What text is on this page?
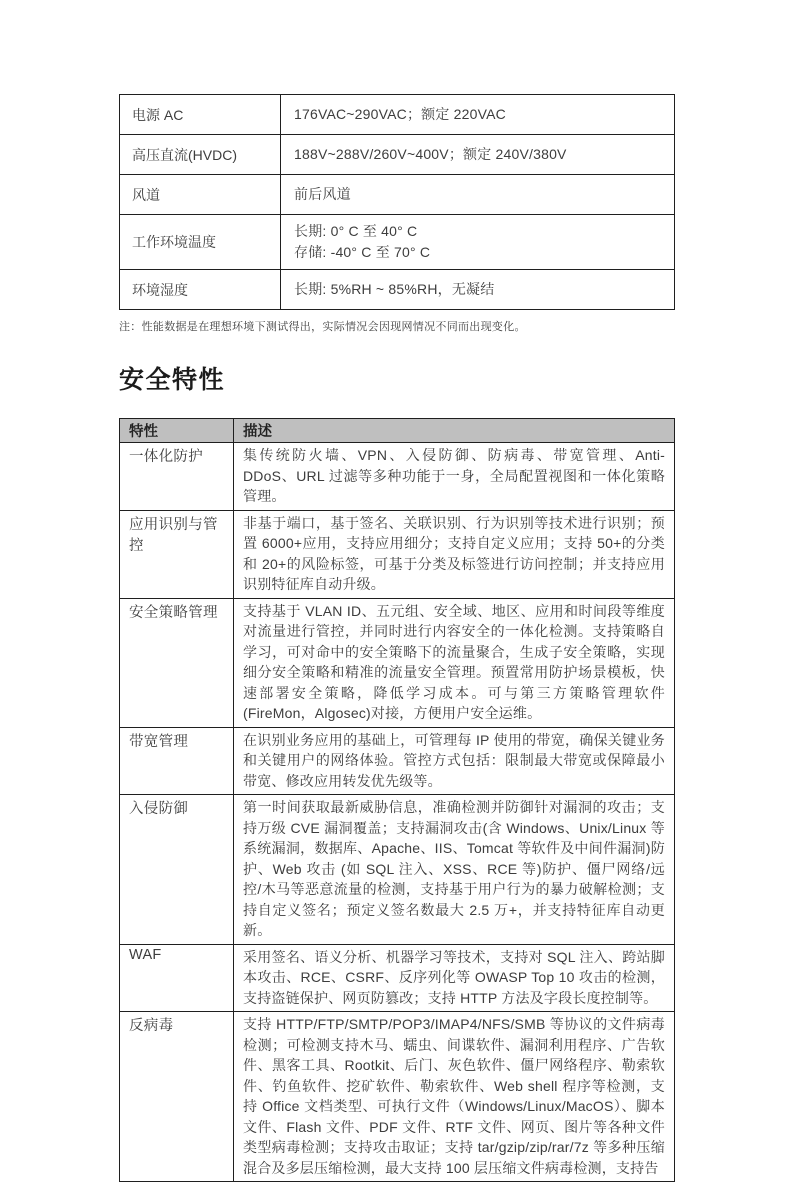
电源 AC	176VAC~290VAC；额定 220VAC
高压直流(HVDC)	188V~288V/260V~400V；额定 240V/380V
风道	前后风道
工作环境温度	长期: 0° C 至 40° C
存储: -40° C 至 70° C

环境湿度	长期: 5%RH ~ 85%RH，无凝结

注：性能数据是在理想环境下测试得出，实际情况会因现网情况不同而出现变化。

安全特性
特性	描述
一体化防护	集传统防火墙、VPN、入侵防御、防病毒、带宽管理、Anti-DDoS、URL 过滤等多种功能于一身，全局配置视图和一体化策略管理。
应用识别与管控	非基于端口，基于签名、关联识别、行为识别等技术进行识别；预置 6000+应用，支持应用细分；支持自定义应用；支持 50+的分类和 20+的风险标签，可基于分类及标签进行访问控制；并支持应用识别特征库自动升级。
安全策略管理	支持基于 VLAN ID、五元组、安全域、地区、应用和时间段等维度对流量进行管控，并同时进行内容安全的一体化检测。支持策略自学习，可对命中的安全策略下的流量聚合，生成子安全策略，实现细分安全策略和精准的流量安全管理。预置常用防护场景模板，快速部署安全策略，降低学习成本。可与第三方策略管理软件(FireMon，Algosec)对接，方便用户安全运维。
带宽管理	在识别业务应用的基础上，可管理每 IP 使用的带宽，确保关键业务和关键用户的网络体验。管控方式包括：限制最大带宽或保障最小带宽、修改应用转发优先级等。
入侵防御	第一时间获取最新威胁信息，准确检测并防御针对漏洞的攻击；支持万级 CVE 漏洞覆盖；支持漏洞攻击(含 Windows、Unix/Linux 等系统漏洞，数据库、Apache、IIS、Tomcat 等软件及中间件漏洞)防护、Web 攻击 (如 SQL 注入、XSS、RCE 等)防护、僵尸网络/远控/木马等恶意流量的检测，支持基于用户行为的暴力破解检测；支持自定义签名；预定义签名数最大 2.5 万+，并支持特征库自动更新。
WAF	采用签名、语义分析、机器学习等技术，支持对 SQL 注入、跨站脚本攻击、RCE、CSRF、反序列化等 OWASP Top 10 攻击的检测，支持盗链保护、网页防篡改；支持 HTTP 方法及字段长度控制等。
反病毒	支持 HTTP/FTP/SMTP/POP3/IMAP4/NFS/SMB 等协议的文件病毒检测；可检测支持木马、蠕虫、间谍软件、漏洞利用程序、广告软件、黑客工具、Rootkit、后门、灰色软件、僵尸网络程序、勒索软件、钓鱼软件、挖矿软件、勒索软件、Web shell 程序等检测，支持 Office 文档类型、可执行文件（Windows/Linux/MacOS）、脚本文件、Flash 文件、PDF 文件、RTF 文件、网页、图片等各种文件类型病毒检测；支持攻击取证；支持 tar/gzip/zip/rar/7z 等多种压缩混合及多层压缩检测，最大支持 100 层压缩文件病毒检测，支持告
